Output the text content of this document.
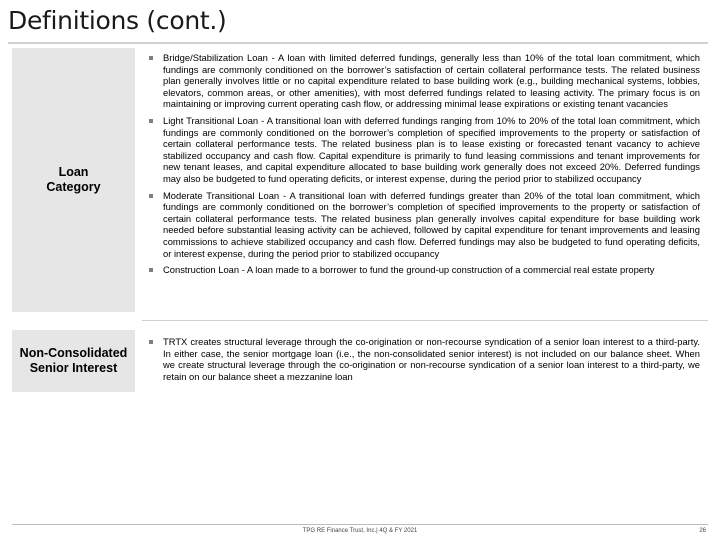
Definitions (cont.)
Loan
Category
Bridge/Stabilization Loan - A loan with limited deferred fundings, generally less than 10% of the total loan commitment, which fundings are commonly conditioned on the borrower’s satisfaction of certain collateral performance tests. The related business plan generally involves little or no capital expenditure related to base building work (e.g., building mechanical systems, lobbies, elevators, common areas, or other amenities), with most deferred fundings related to leasing activity. The primary focus is on maintaining or improving current operating cash flow, or addressing minimal lease expirations or existing tenant vacancies
Light Transitional Loan - A transitional loan with deferred fundings ranging from 10% to 20% of the total loan commitment, which fundings are commonly conditioned on the borrower’s completion of specified improvements to the property or satisfaction of certain collateral performance tests. The related business plan is to lease existing or forecasted tenant vacancy to achieve stabilized occupancy and cash flow. Capital expenditure is primarily to fund leasing commissions and tenant improvements for new tenant leases, and capital expenditure allocated to base building work generally does not exceed 20%. Deferred fundings may also be budgeted to fund operating deficits, or interest expense, during the period prior to stabilized occupancy
Moderate Transitional Loan - A transitional loan with deferred fundings greater than 20% of the total loan commitment, which fundings are commonly conditioned on the borrower’s completion of specified improvements to the property or satisfaction of certain collateral performance tests. The related business plan generally involves capital expenditure for base building work needed before substantial leasing activity can be achieved, followed by capital expenditure for tenant improvements and leasing commissions to achieve stabilized occupancy and cash flow. Deferred fundings may also be budgeted to fund operating deficits, or interest expense, during the period prior to stabilized occupancy
Construction Loan - A loan made to a borrower to fund the ground-up construction of a commercial real estate property
Non-Consolidated
Senior Interest
TRTX creates structural leverage through the co-origination or non-recourse syndication of a senior loan interest to a third-party. In either case, the senior mortgage loan (i.e., the non-consolidated senior interest) is not included on our balance sheet. When we create structural leverage through the co-origination or non-recourse syndication of a senior loan interest to a third-party, we retain on our balance sheet a mezzanine loan
TPG RE Finance Trust, Inc.| 4Q & FY 2021	26
